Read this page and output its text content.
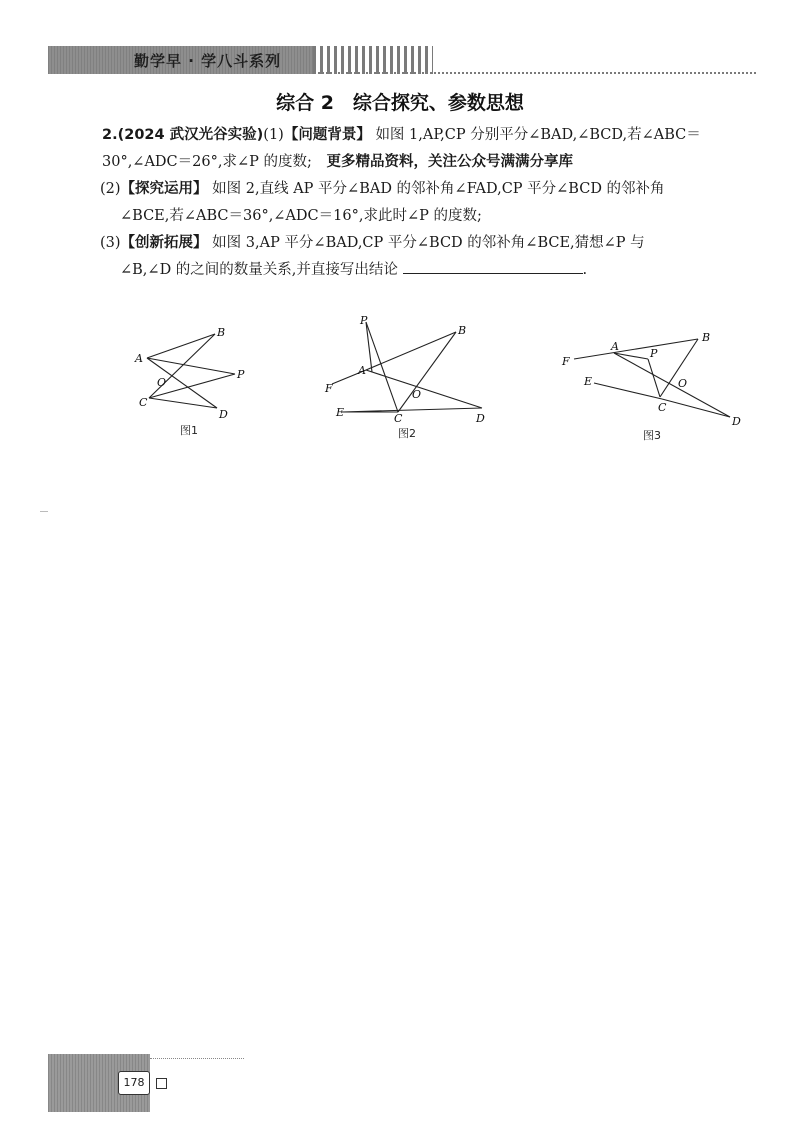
勤学早 · 学八斗系列
综合 2　综合探究、参数思想
2.(2024 武汉光谷实验)(1)【问题背景】 如图 1,AP,CP 分别平分∠BAD,∠BCD,若∠ABC＝
30°,∠ADC＝26°,求∠P 的度数; 更多精品资料，关注公众号满满分享库
(2)【探究运用】 如图 2,直线 AP 平分∠BAD 的邻补角∠FAD,CP 平分∠BCD 的邻补角
∠BCE,若∠ABC＝36°,∠ADC＝16°,求此时∠P 的度数;
(3)【创新拓展】 如图 3,AP 平分∠BAD,CP 平分∠BCD 的邻补角∠BCE,猜想∠P 与
∠B,∠D 的之间的数量关系,并直接写出结论	.
A
B
C
D
O
P
图1
P
B
A
F	O
E	C	D
图2
A
B
F
P
E	O
C
D
图3
178
